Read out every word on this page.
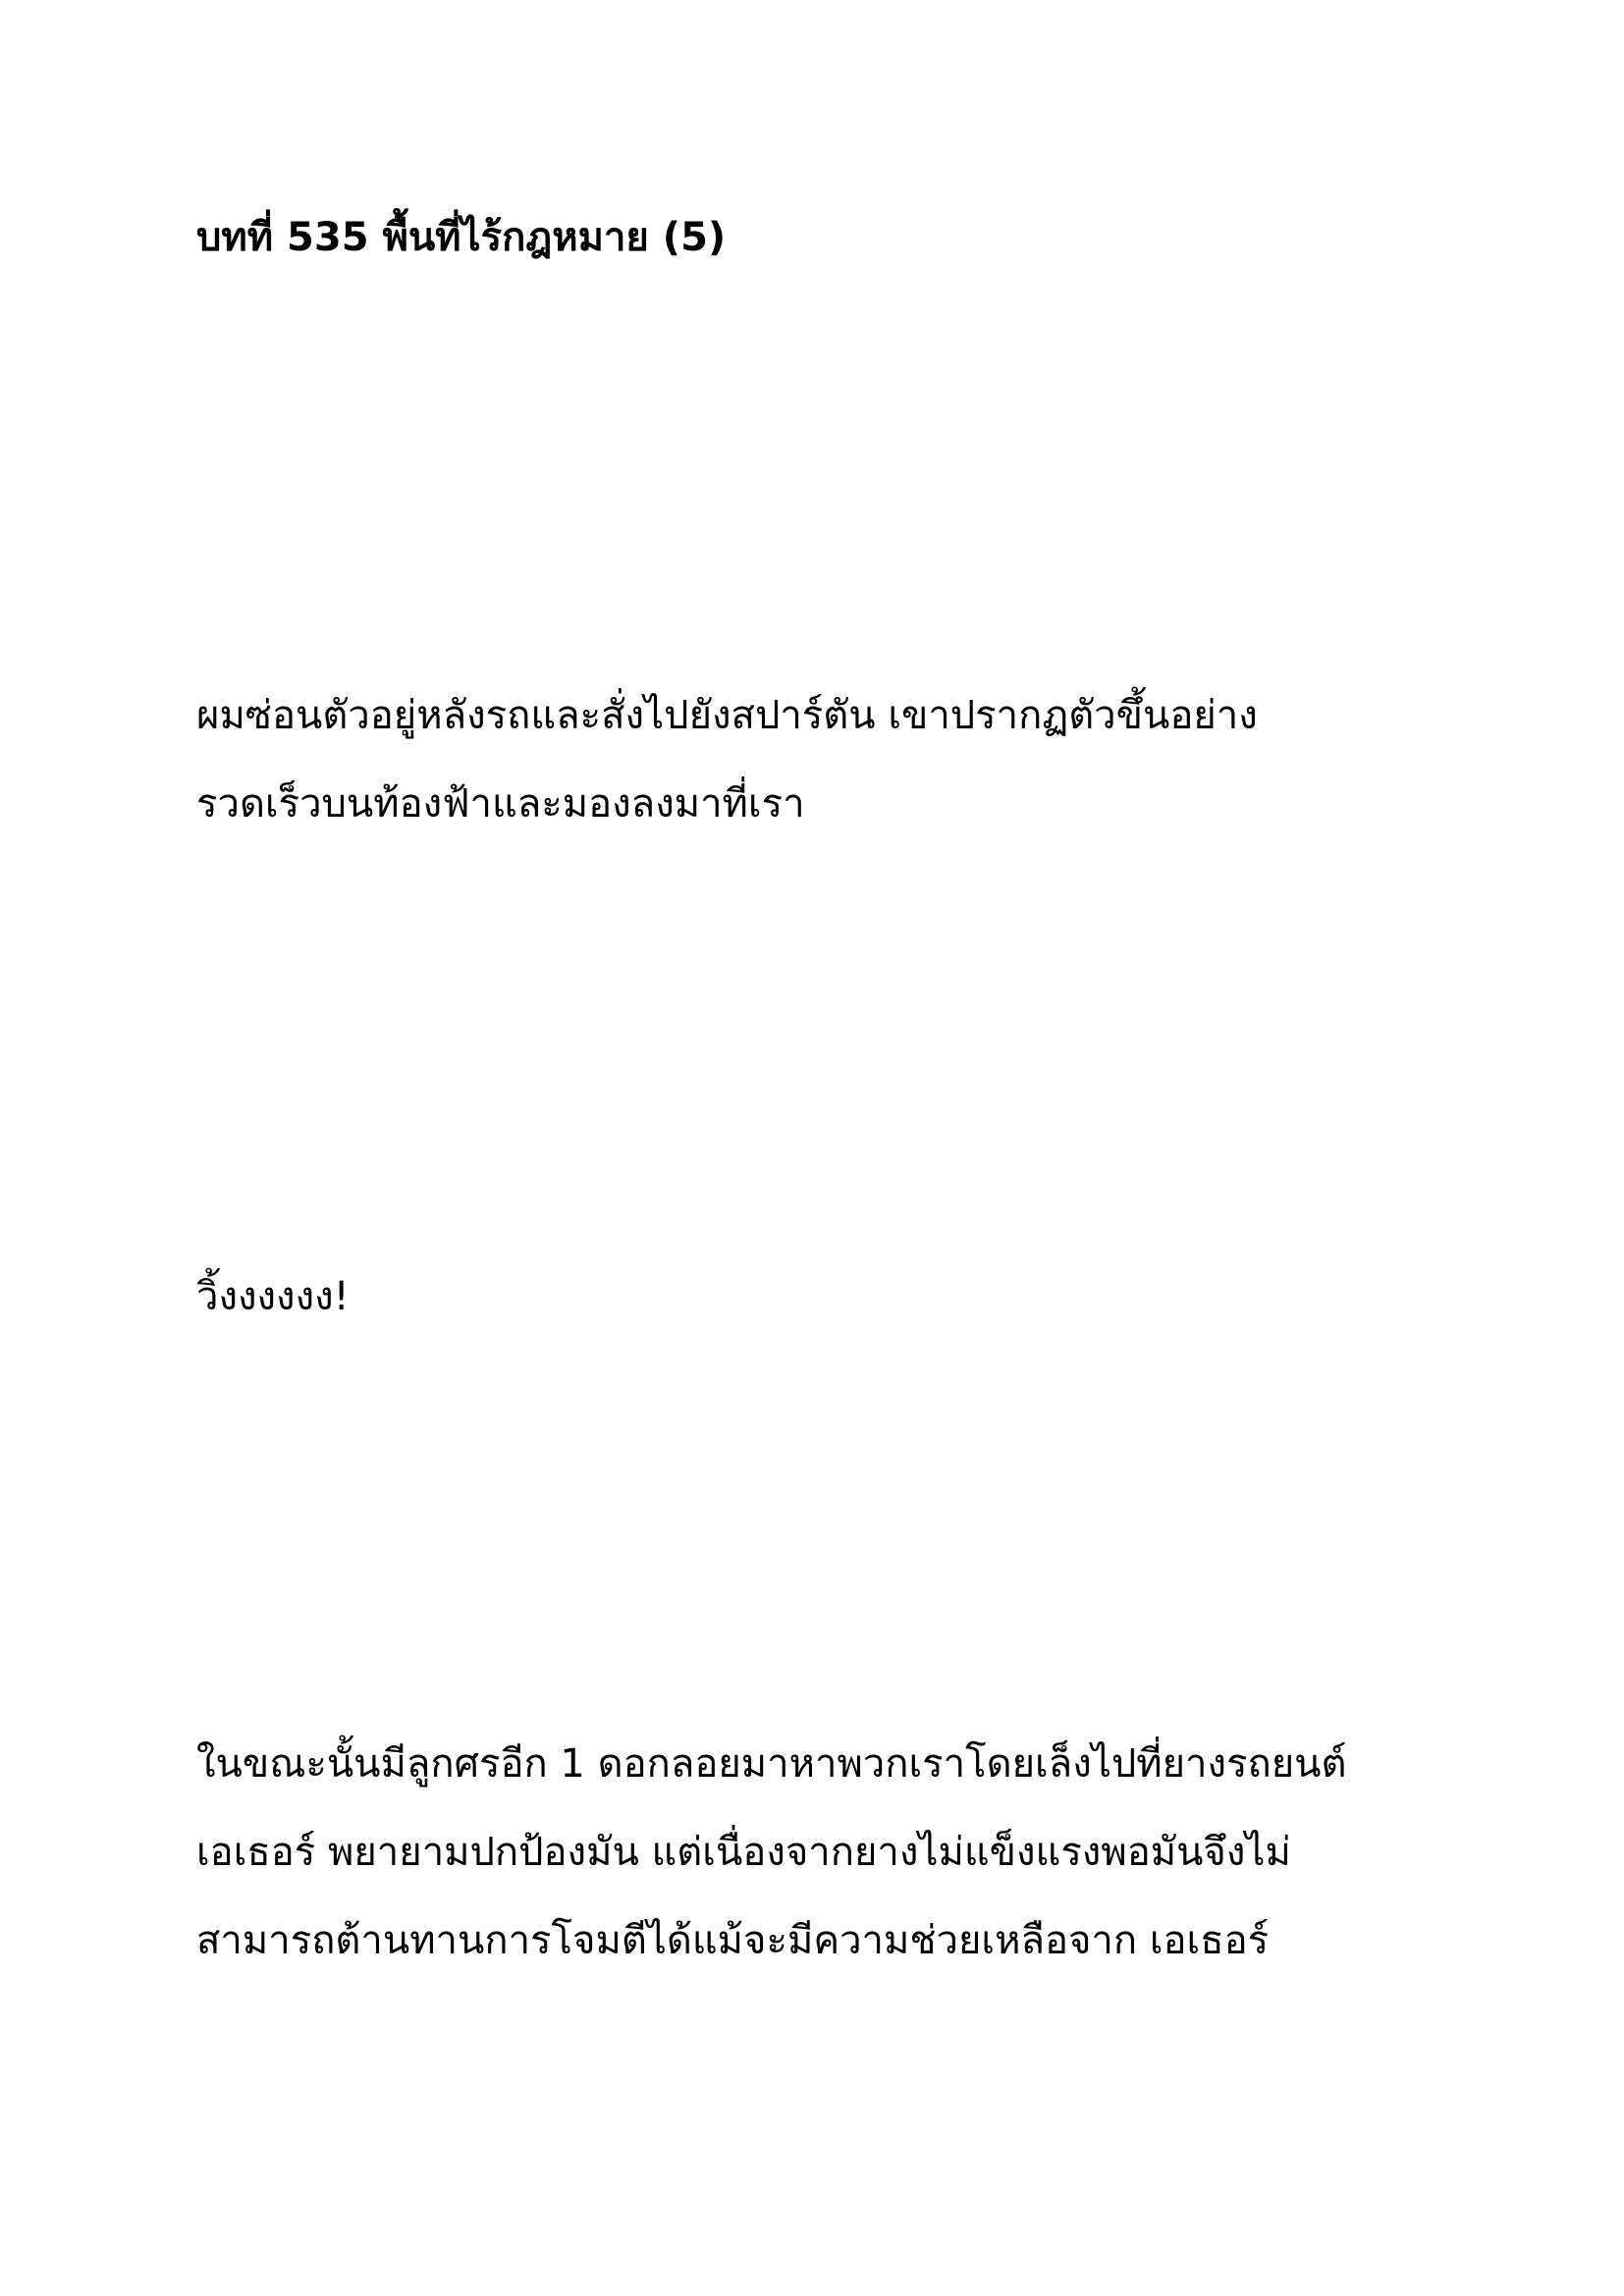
บทที่ 535 พื้นที่ไร้กฎหมาย (5)

ผมซ่อนตัวอยู่หลังรถและสั่งไปยังสปาร์ตัน เขาปรากฏตัวขึ้นอย่าง
รวดเร็วบนท้องฟ้าและมองลงมาที่เรา

วิ้งงงงงง!

ในขณะนั้นมีลูกศรอีก 1 ดอกลอยมาหาพวกเราโดยเล็งไปที่ยางรถยนต์
เอเธอร์ พยายามปกป้องมัน แต่เนื่องจากยางไม่แข็งแรงพอมันจึงไม่
สามารถต้านทานการโจมตีได้แม้จะมีความช่วยเหลือจาก เอเธอร์
